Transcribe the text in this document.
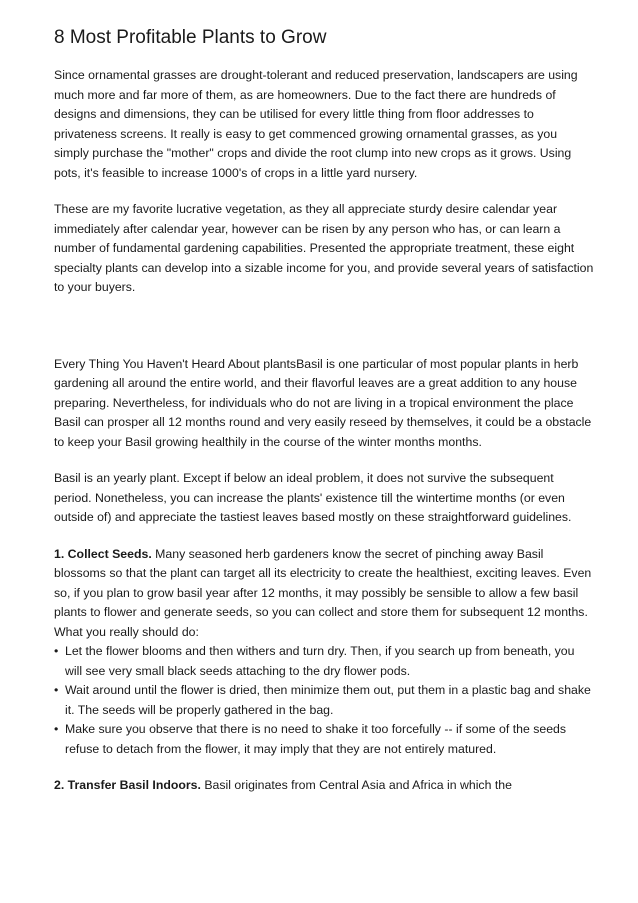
8 Most Profitable Plants to Grow

Since ornamental grasses are drought-tolerant and reduced preservation, landscapers are using much more and far more of them, as are homeowners. Due to the fact there are hundreds of designs and dimensions, they can be utilised for every little thing from floor addresses to privateness screens. It really is easy to get commenced growing ornamental grasses, as you simply purchase the "mother" crops and divide the root clump into new crops as it grows. Using pots, it's feasible to increase 1000's of crops in a little yard nursery.

These are my favorite lucrative vegetation, as they all appreciate sturdy desire calendar year immediately after calendar year, however can be risen by any person who has, or can learn a number of fundamental gardening capabilities. Presented the appropriate treatment, these eight specialty plants can develop into a sizable income for you, and provide several years of satisfaction to your buyers.

Every Thing You Haven't Heard About plantsBasil is one particular of most popular plants in herb gardening all around the entire world, and their flavorful leaves are a great addition to any house preparing. Nevertheless, for individuals who do not are living in a tropical environment the place Basil can prosper all 12 months round and very easily reseed by themselves, it could be a obstacle to keep your Basil growing healthily in the course of the winter months months.

Basil is an yearly plant. Except if below an ideal problem, it does not survive the subsequent period. Nonetheless, you can increase the plants' existence till the wintertime months (or even outside of) and appreciate the tastiest leaves based mostly on these straightforward guidelines.

1. Collect Seeds. Many seasoned herb gardeners know the secret of pinching away Basil blossoms so that the plant can target all its electricity to create the healthiest, exciting leaves. Even so, if you plan to grow basil year after 12 months, it may possibly be sensible to allow a few basil plants to flower and generate seeds, so you can collect and store them for subsequent 12 months.

What you really should do:

• Let the flower blooms and then withers and turn dry. Then, if you search up from beneath, you will see very small black seeds attaching to the dry flower pods.
• Wait around until the flower is dried, then minimize them out, put them in a plastic bag and shake it. The seeds will be properly gathered in the bag.
• Make sure you observe that there is no need to shake it too forcefully -- if some of the seeds refuse to detach from the flower, it may imply that they are not entirely matured.

2. Transfer Basil Indoors. Basil originates from Central Asia and Africa in which the
